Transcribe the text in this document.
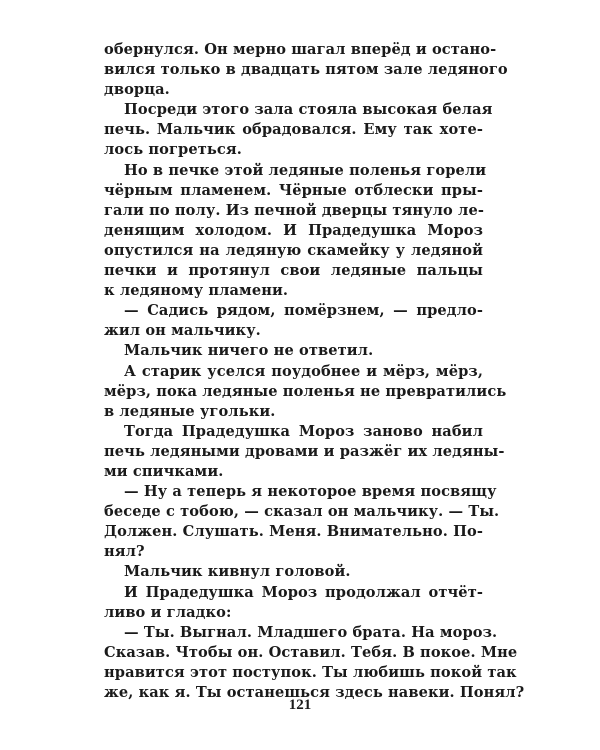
обернулся. Он мерно шагал вперёд и остано-
вился только в двадцать пятом зале ледяного
дворца.
Посреди этого зала стояла высокая белая
печь. Мальчик обрадовался. Ему так хоте-
лось погреться.
Но в печке этой ледяные поленья горели
чёрным пламенем. Чёрные отблески пры-
гали по полу. Из печной дверцы тянуло ле-
денящим холодом. И Прадедушка Мороз
опустился на ледяную скамейку у ледяной
печки и протянул свои ледяные пальцы
к ледяному пламени.
— Садись рядом, помёрзнем, — предло-
жил он мальчику.
Мальчик ничего не ответил.
А старик уселся поудобнее и мёрз, мёрз,
мёрз, пока ледяные поленья не превратились
в ледяные угольки.
Тогда Прадедушка Мороз заново набил
печь ледяными дровами и разжёг их ледяны-
ми спичками.
— Ну а теперь я некоторое время посвящу
беседе с тобою, — сказал он мальчику. — Ты.
Должен. Слушать. Меня. Внимательно. По-
нял?
Мальчик кивнул головой.
И Прадедушка Мороз продолжал отчёт-
ливо и гладко:
— Ты. Выгнал. Младшего брата. На мороз.
Сказав. Чтобы он. Оставил. Тебя. В покое. Мне
нравится этот поступок. Ты любишь покой так
же, как я. Ты останешься здесь навеки. Понял?
121
